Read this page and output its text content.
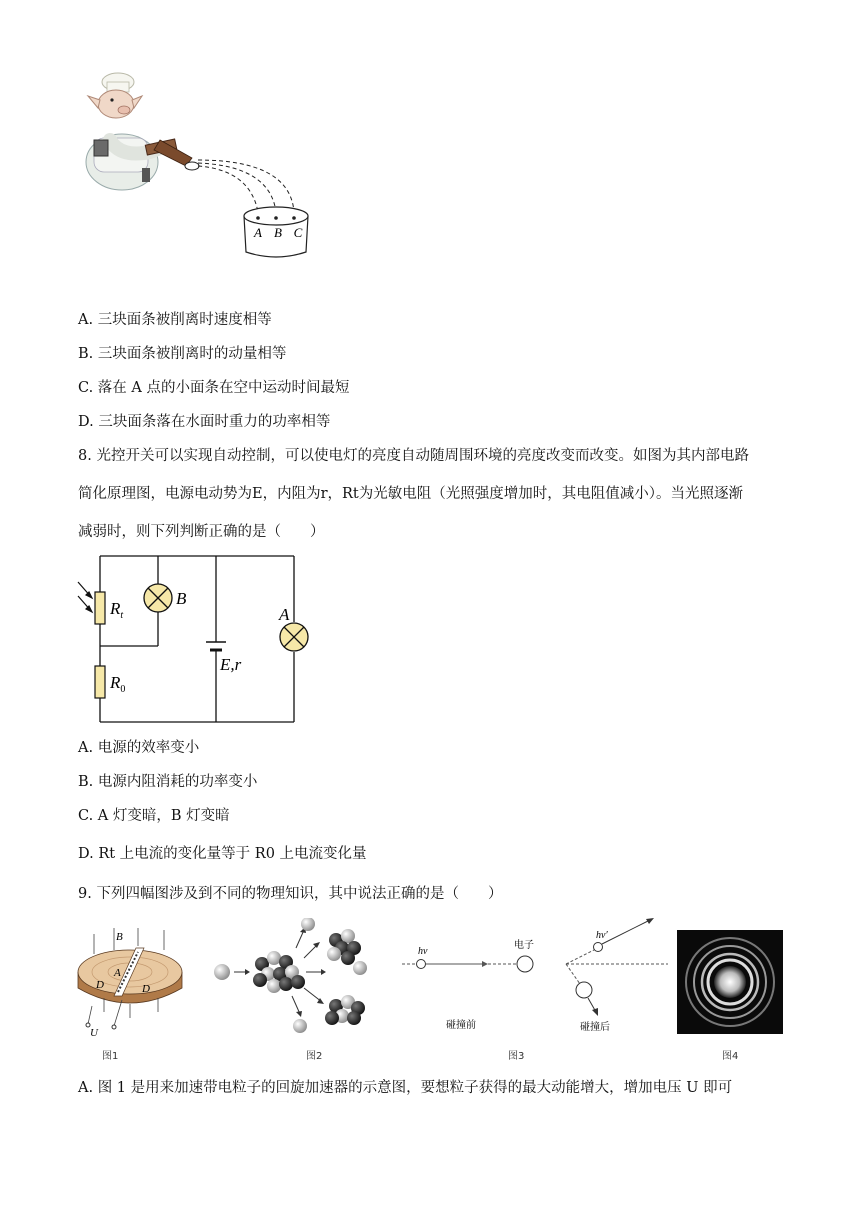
A B C
A. 三块面条被削离时速度相等
B. 三块面条被削离时的动量相等
C. 落在 A 点的小面条在空中运动时间最短
D. 三块面条落在水面时重力的功率相等
8. 光控开关可以实现自动控制，可以使电灯的亮度自动随周围环境的亮度改变而改变。如图为其内部电路
简化原理图，电源电动势为E，内阻为r，Rt为光敏电阻（光照强度增加时，其电阻值减小）。当光照逐渐
减弱时，则下列判断正确的是（　　）
$R_t$
$R_0$
B
E,r
A
A. 电源的效率变小
B. 电源内阻消耗的功率变小
C. A 灯变暗，B 灯变暗
D. Rt 上电流的变化量等于 R0 上电流变化量
9. 下列四幅图涉及到不同的物理知识，其中说法正确的是（　　）
B
A
D	D
U
图1	图2
hν
电子
碰撞前
图3
hν′
碰撞后
图4
A. 图 1 是用来加速带电粒子的回旋加速器的示意图，要想粒子获得的最大动能增大，增加电压 U 即可
